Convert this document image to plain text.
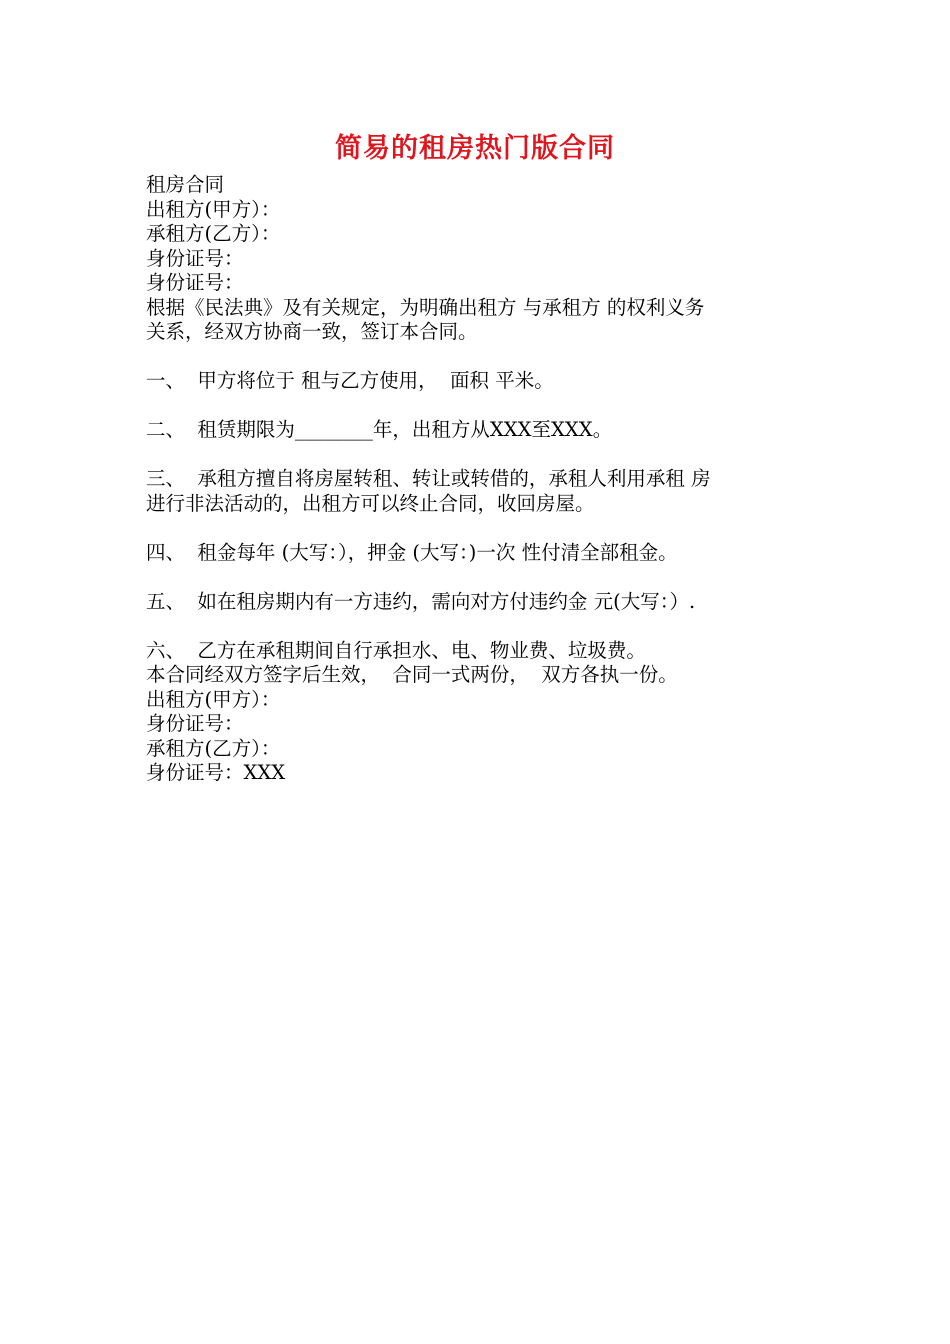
简易的租房热门版合同
租房合同
出租方(甲方）：
承租方(乙方）：
身份证号：
身份证号：
根据《民法典》及有关规定，为明确出租方 与承租方 的权利义务
关系，经双方协商一致，签订本合同。
一、  甲方将位于 租与乙方使用，  面积 平米。
二、  租赁期限为________年，出租方从XXX至XXX。
三、  承租方擅自将房屋转租、转让或转借的，承租人利用承租 房
进行非法活动的，出租方可以终止合同，收回房屋。
四、  租金每年 (大写：），押金 (大写：)一次 性付清全部租金。
五、  如在租房期内有一方违约，需向对方付违约金 元(大写：）.
六、  乙方在承租期间自行承担水、电、物业费、垃圾费。
本合同经双方签字后生效，  合同一式两份，  双方各执一份。
出租方(甲方）：
身份证号：
承租方(乙方）：
身份证号：XXX
